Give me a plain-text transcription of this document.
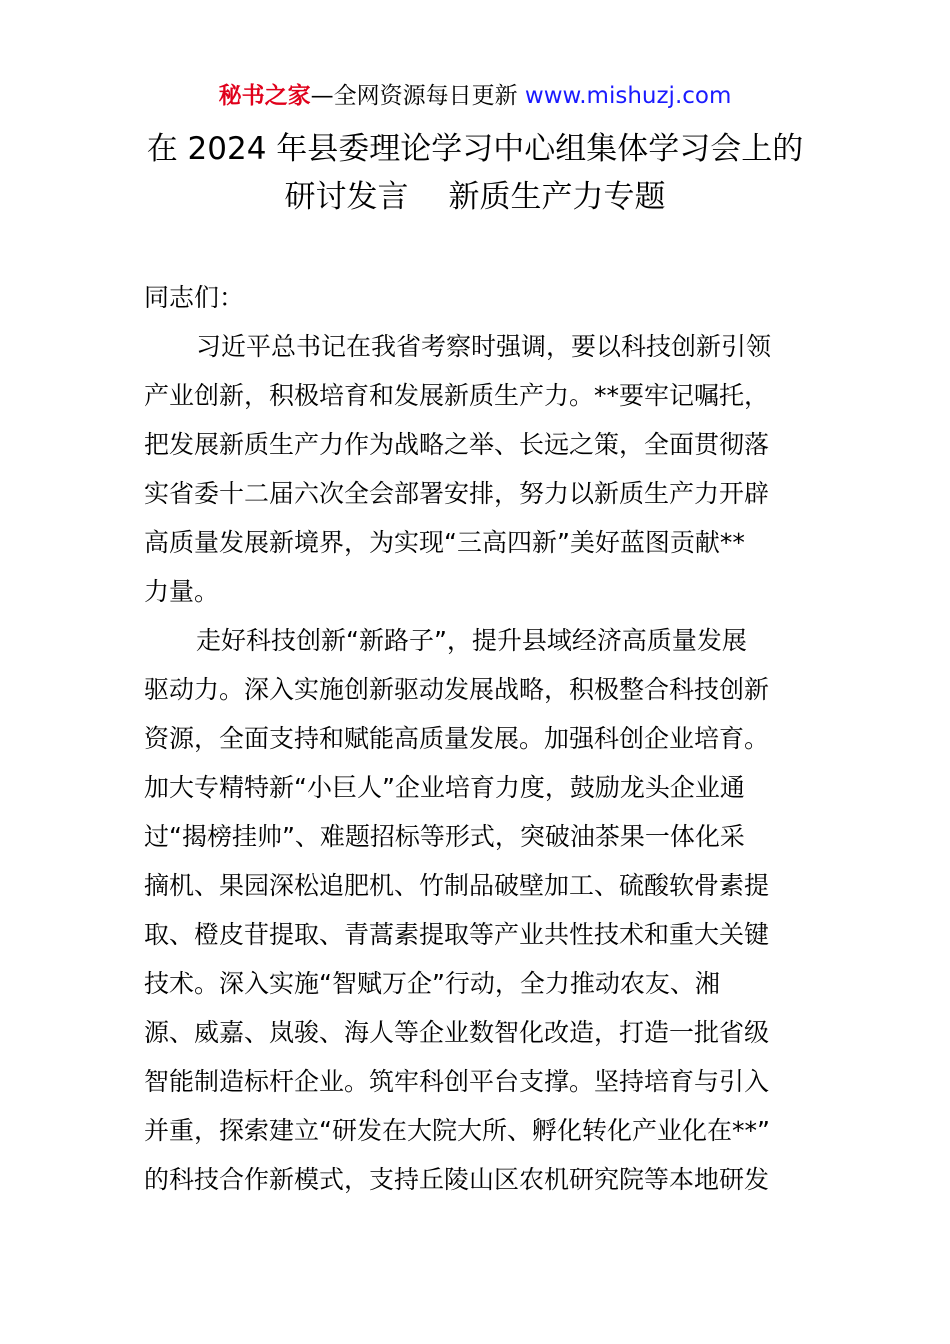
秘书之家—全网资源每日更新 www.mishuzj.com
在 2024 年县委理论学习中心组集体学习会上的
研讨发言 新质生产力专题
同志们：
习近平总书记在我省考察时强调，要以科技创新引领
产业创新，积极培育和发展新质生产力。**要牢记嘱托，
把发展新质生产力作为战略之举、长远之策，全面贯彻落
实省委十二届六次全会部署安排，努力以新质生产力开辟
高质量发展新境界，为实现“三高四新”美好蓝图贡献**
力量。
走好科技创新“新路子”，提升县域经济高质量发展
驱动力。深入实施创新驱动发展战略，积极整合科技创新
资源，全面支持和赋能高质量发展。加强科创企业培育。
加大专精特新“小巨人”企业培育力度，鼓励龙头企业通
过“揭榜挂帅”、难题招标等形式，突破油茶果一体化采
摘机、果园深松追肥机、竹制品破壁加工、硫酸软骨素提
取、橙皮苷提取、青蒿素提取等产业共性技术和重大关键
技术。深入实施“智赋万企”行动，全力推动农友、湘
源、威嘉、岚骏、海人等企业数智化改造，打造一批省级
智能制造标杆企业。筑牢科创平台支撑。坚持培育与引入
并重，探索建立“研发在大院大所、孵化转化产业化在**”
的科技合作新模式，支持丘陵山区农机研究院等本地研发
